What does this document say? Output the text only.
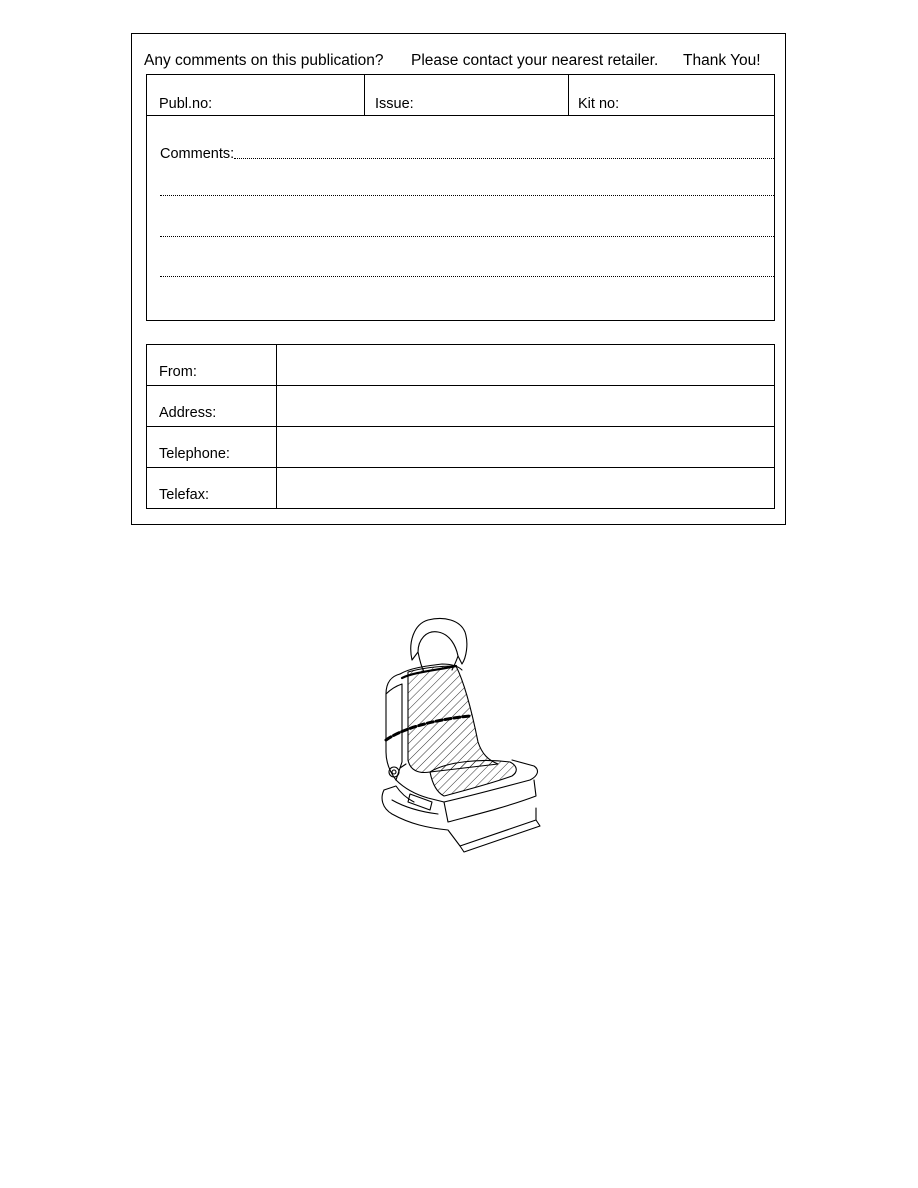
Any comments on this publication? Please contact your nearest retailer. Thank You!
Publ.no:	Issue:	Kit no:
Comments:
From:
Address:
Telephone:
Telefax:
